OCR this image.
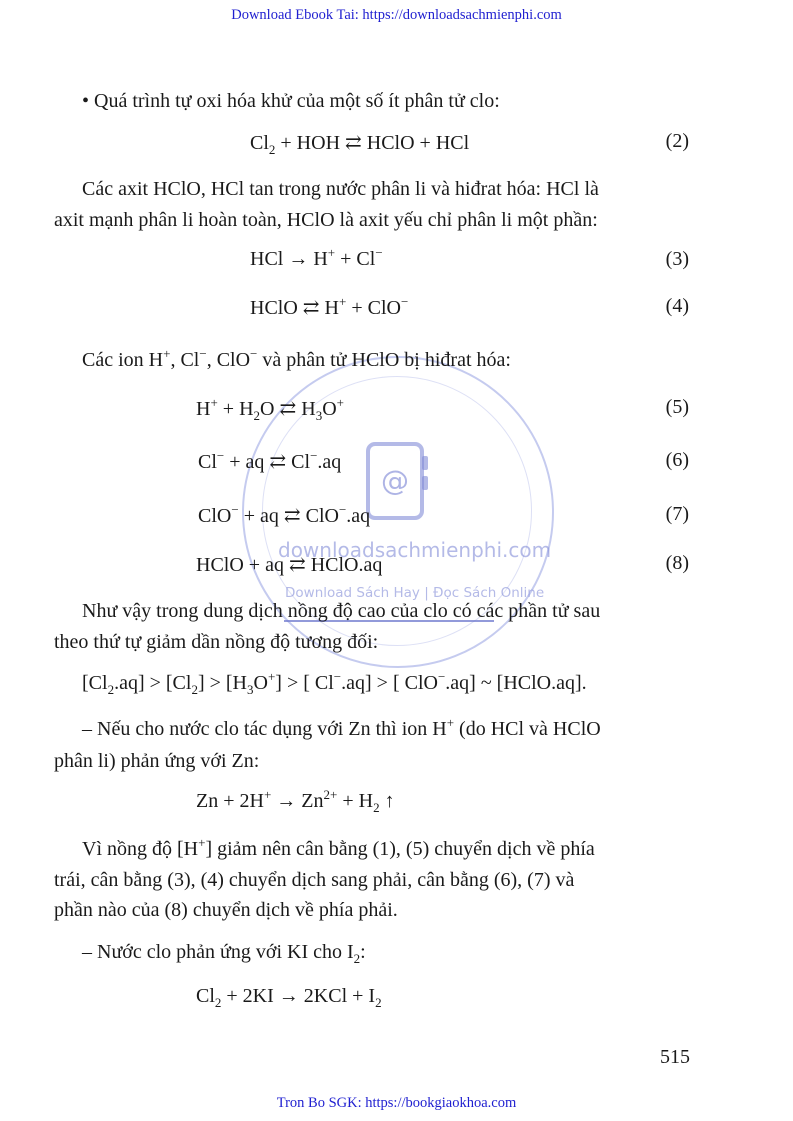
Download Ebook Tai: https://downloadsachmienphi.com
Tron Bo SGK: https://bookgiaokhoa.com
@
downloadsachmienphi.com
Download Sách Hay | Đọc Sách Online
• Quá trình tự oxi hóa khử của một số ít phân tử clo:
$Cl_2$ + HOH ⇄ HClO + HCl	(2)
Các axit HClO, HCl tan trong nước phân li và hiđrat hóa: HCl là
axit mạnh phân li hoàn toàn, HClO là axit yếu chỉ phân li một phần:
HCl → H+ + Cl−	(3)
HClO ⇄ H+ + ClO−	(4)
Các ion H+, Cl−, ClO− và phân tử HClO bị hiđrat hóa:
$H^+ + H_2O$ ⇄ $H_3O^+$	(5)
Cl− + aq ⇄ Cl−.aq	(6)
ClO− + aq ⇄ ClO−.aq	(7)
HClO + aq ⇄ HClO.aq	(8)
Như vậy trong dung dịch nồng độ cao của clo có các phần tử sau
theo thứ tự giảm dần nồng độ tương đối:
$[Cl_2.aq] > [Cl_2] > [H_3O^+]$ > [ Cl−.aq] > [ ClO−.aq] ~ [HClO.aq].
– Nếu cho nước clo tác dụng với Zn thì ion H+ (do HCl và HClO
phân li) phản ứng với Zn:
$Zn + 2H^+ \to Zn^{2+} + H_2$ ↑
Vì nồng độ [H+] giảm nên cân bằng (1), (5) chuyển dịch về phía
trái, cân bằng (3), (4) chuyển dịch sang phải, cân bằng (6), (7) và
phần nào của (8) chuyển dịch về phía phải.
– Nước clo phản ứng với KI cho $I_2$:
$Cl_2 + 2KI \to 2KCl + I_2$
515
